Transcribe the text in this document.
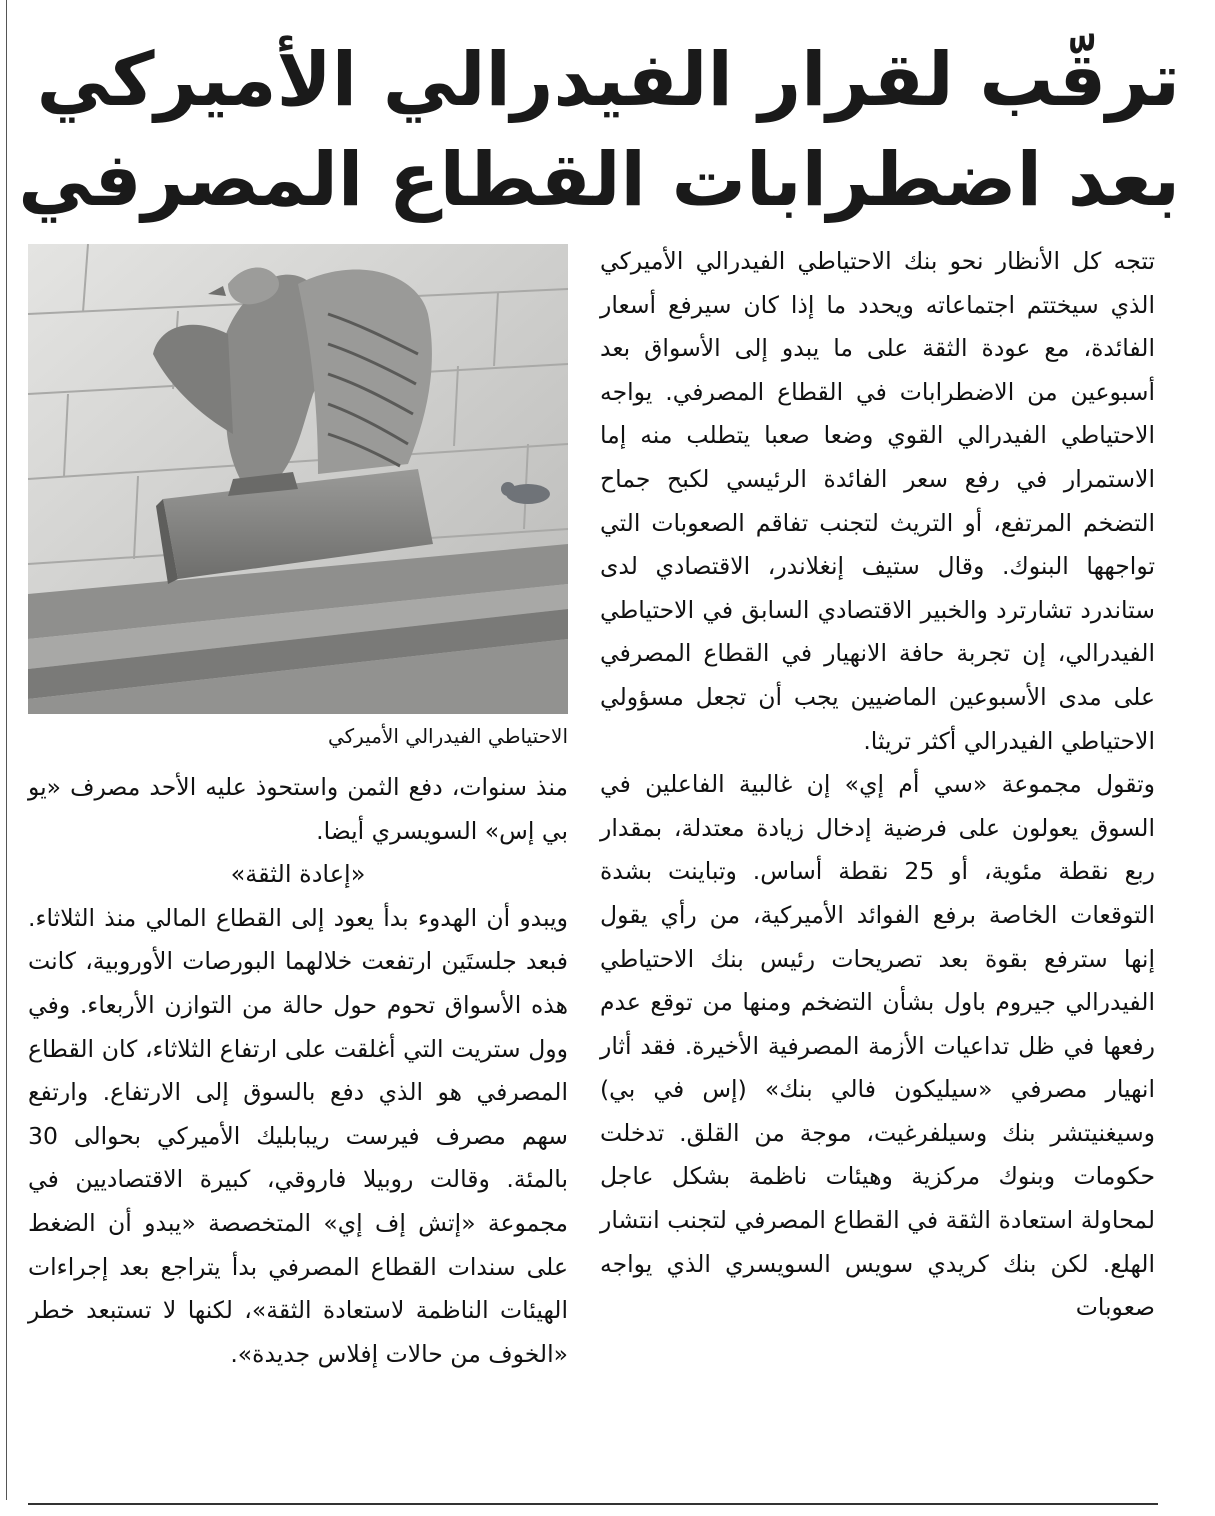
ترقّب لقرار الفيدرالي الأميركي
بعد اضطرابات القطاع المصرفي

تتجه كل الأنظار نحو بنك الاحتياطي الفيدرالي الأميركي الذي سيختتم اجتماعاته ويحدد ما إذا كان سيرفع أسعار الفائدة، مع عودة الثقة على ما يبدو إلى الأسواق بعد أسبوعين من الاضطرابات في القطاع المصرفي. يواجه الاحتياطي الفيدرالي القوي وضعا صعبا يتطلب منه إما الاستمرار في رفع سعر الفائدة الرئيسي لكبح جماح التضخم المرتفع، أو التريث لتجنب تفاقم الصعوبات التي تواجهها البنوك. وقال ستيف إنغلاندر، الاقتصادي لدى ستاندرد تشارترد والخبير الاقتصادي السابق في الاحتياطي الفيدرالي، إن تجربة حافة الانهيار في القطاع المصرفي على مدى الأسبوعين الماضيين يجب أن تجعل مسؤولي الاحتياطي الفيدرالي أكثر تريثا.

وتقول مجموعة «سي أم إي» إن غالبية الفاعلين في السوق يعولون على فرضية إدخال زيادة معتدلة، بمقدار ربع نقطة مئوية، أو 25 نقطة أساس. وتباينت بشدة التوقعات الخاصة برفع الفوائد الأميركية، من رأي يقول إنها سترفع بقوة بعد تصريحات رئيس بنك الاحتياطي الفيدرالي جيروم باول بشأن التضخم ومنها من توقع عدم رفعها في ظل تداعيات الأزمة المصرفية الأخيرة. فقد أثار انهيار مصرفي «سيليكون فالي بنك» (إس في بي) وسيغنيتشر بنك وسيلفرغيت، موجة من القلق. تدخلت حكومات وبنوك مركزية وهيئات ناظمة بشكل عاجل لمحاولة استعادة الثقة في القطاع المصرفي لتجنب انتشار الهلع. لكن بنك كريدي سويس السويسري الذي يواجه صعوبات

الاحتياطي الفيدرالي الأميركي

منذ سنوات، دفع الثمن واستحوذ عليه الأحد مصرف «يو بي إس» السويسري أيضا.

«إعادة الثقة»

ويبدو أن الهدوء بدأ يعود إلى القطاع المالي منذ الثلاثاء. فبعد جلستَين ارتفعت خلالهما البورصات الأوروبية، كانت هذه الأسواق تحوم حول حالة من التوازن الأربعاء. وفي وول ستريت التي أغلقت على ارتفاع الثلاثاء، كان القطاع المصرفي هو الذي دفع بالسوق إلى الارتفاع. وارتفع سهم مصرف فيرست ريبابليك الأميركي بحوالى 30 بالمئة. وقالت روبيلا فاروقي، كبيرة الاقتصاديين في مجموعة «إتش إف إي» المتخصصة «يبدو أن الضغط على سندات القطاع المصرفي بدأ يتراجع بعد إجراءات الهيئات الناظمة لاستعادة الثقة»، لكنها لا تستبعد خطر «الخوف من حالات إفلاس جديدة».
